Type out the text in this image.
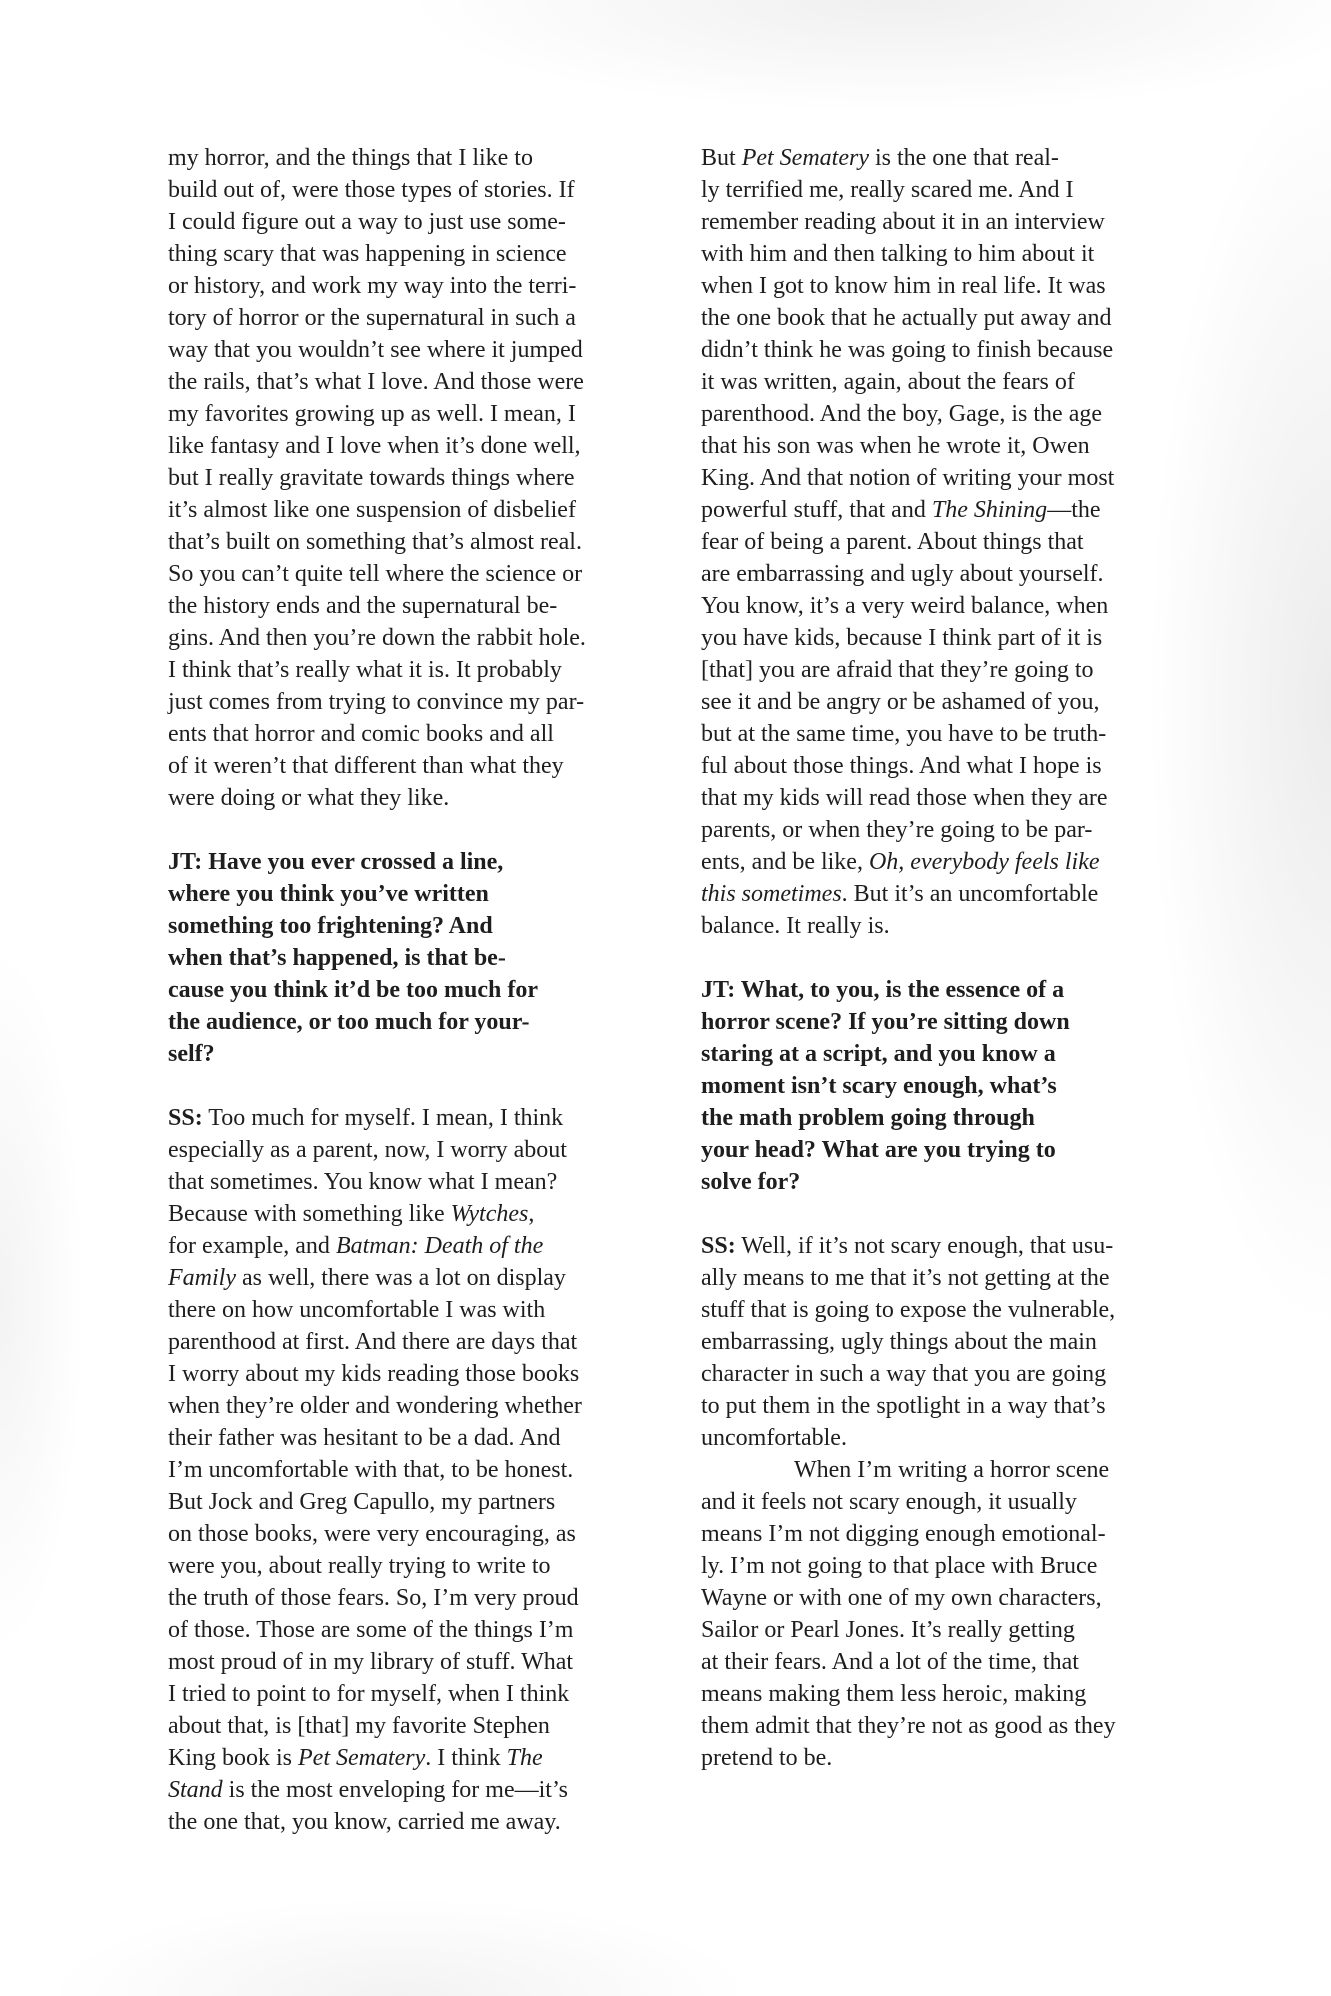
my horror, and the things that I like to
build out of, were those types of stories. If
I could figure out a way to just use some-
thing scary that was happening in science
or history, and work my way into the terri-
tory of horror or the supernatural in such a
way that you wouldn’t see where it jumped
the rails, that’s what I love. And those were
my favorites growing up as well. I mean, I
like fantasy and I love when it’s done well,
but I really gravitate towards things where
it’s almost like one suspension of disbelief
that’s built on something that’s almost real.
So you can’t quite tell where the science or
the history ends and the supernatural be-
gins. And then you’re down the rabbit hole.
I think that’s really what it is. It probably
just comes from trying to convince my par-
ents that horror and comic books and all
of it weren’t that different than what they
were doing or what they like.
JT: Have you ever crossed a line,
where you think you’ve written
something too frightening? And
when that’s happened, is that be-
cause you think it’d be too much for
the audience, or too much for your-
self?
SS: Too much for myself. I mean, I think
especially as a parent, now, I worry about
that sometimes. You know what I mean?
Because with something like Wytches,
for example, and Batman: Death of the
Family as well, there was a lot on display
there on how uncomfortable I was with
parenthood at first. And there are days that
I worry about my kids reading those books
when they’re older and wondering whether
their father was hesitant to be a dad. And
I’m uncomfortable with that, to be honest.
But Jock and Greg Capullo, my partners
on those books, were very encouraging, as
were you, about really trying to write to
the truth of those fears. So, I’m very proud
of those. Those are some of the things I’m
most proud of in my library of stuff. What
I tried to point to for myself, when I think
about that, is [that] my favorite Stephen
King book is Pet Sematery. I think The
Stand is the most enveloping for me—it’s
the one that, you know, carried me away.
But Pet Sematery is the one that real-
ly terrified me, really scared me. And I
remember reading about it in an interview
with him and then talking to him about it
when I got to know him in real life. It was
the one book that he actually put away and
didn’t think he was going to finish because
it was written, again, about the fears of
parenthood. And the boy, Gage, is the age
that his son was when he wrote it, Owen
King. And that notion of writing your most
powerful stuff, that and The Shining—the
fear of being a parent. About things that
are embarrassing and ugly about yourself.
You know, it’s a very weird balance, when
you have kids, because I think part of it is
[that] you are afraid that they’re going to
see it and be angry or be ashamed of you,
but at the same time, you have to be truth-
ful about those things. And what I hope is
that my kids will read those when they are
parents, or when they’re going to be par-
ents, and be like, Oh, everybody feels like
this sometimes. But it’s an uncomfortable
balance. It really is.
JT: What, to you, is the essence of a
horror scene? If you’re sitting down
staring at a script, and you know a
moment isn’t scary enough, what’s
the math problem going through
your head? What are you trying to
solve for?
SS: Well, if it’s not scary enough, that usu-
ally means to me that it’s not getting at the
stuff that is going to expose the vulnerable,
embarrassing, ugly things about the main
character in such a way that you are going
to put them in the spotlight in a way that’s
uncomfortable.
When I’m writing a horror scene
and it feels not scary enough, it usually
means I’m not digging enough emotional-
ly. I’m not going to that place with Bruce
Wayne or with one of my own characters,
Sailor or Pearl Jones. It’s really getting
at their fears. And a lot of the time, that
means making them less heroic, making
them admit that they’re not as good as they
pretend to be.
